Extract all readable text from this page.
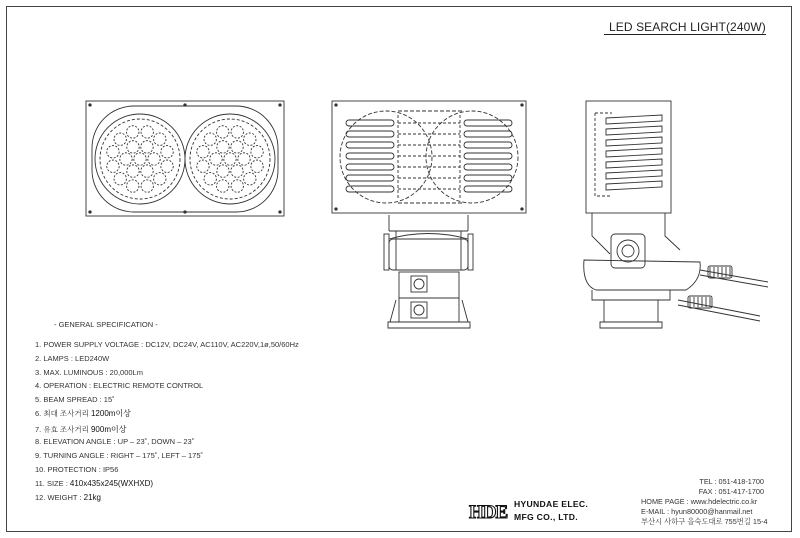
LED SEARCH LIGHT(240W)
- GENERAL SPECIFICATION -
1. POWER SUPPLY VOLTAGE : DC12V, DC24V, AC110V, AC220V,1ø,50/60Hz
2. LAMPS : LED240W
3. MAX. LUMINOUS : 20,000Lm
4. OPERATION : ELECTRIC REMOTE CONTROL
5. BEAM SPREAD : 15˚
6. 최대 조사거리 1200m이상
7. 유효 조사거리 900m이상
8. ELEVATION ANGLE : UP – 23˚, DOWN – 23˚
9. TURNING ANGLE : RIGHT – 175˚, LEFT – 175˚
10. PROTECTION : IP56
11. SIZE : 410x435x245(WXHXD)
12. WEIGHT : 21kg
TEL : 051-418-1700
FAX : 051-417-1700
HOME PAGE : www.hdelectric.co.kr
E-MAIL : hyun80000@hanmail.net
부산시 사하구 을숙도대로 755번길 15-4
HDE HYUNDAE ELEC.
MFG CO., LTD.
